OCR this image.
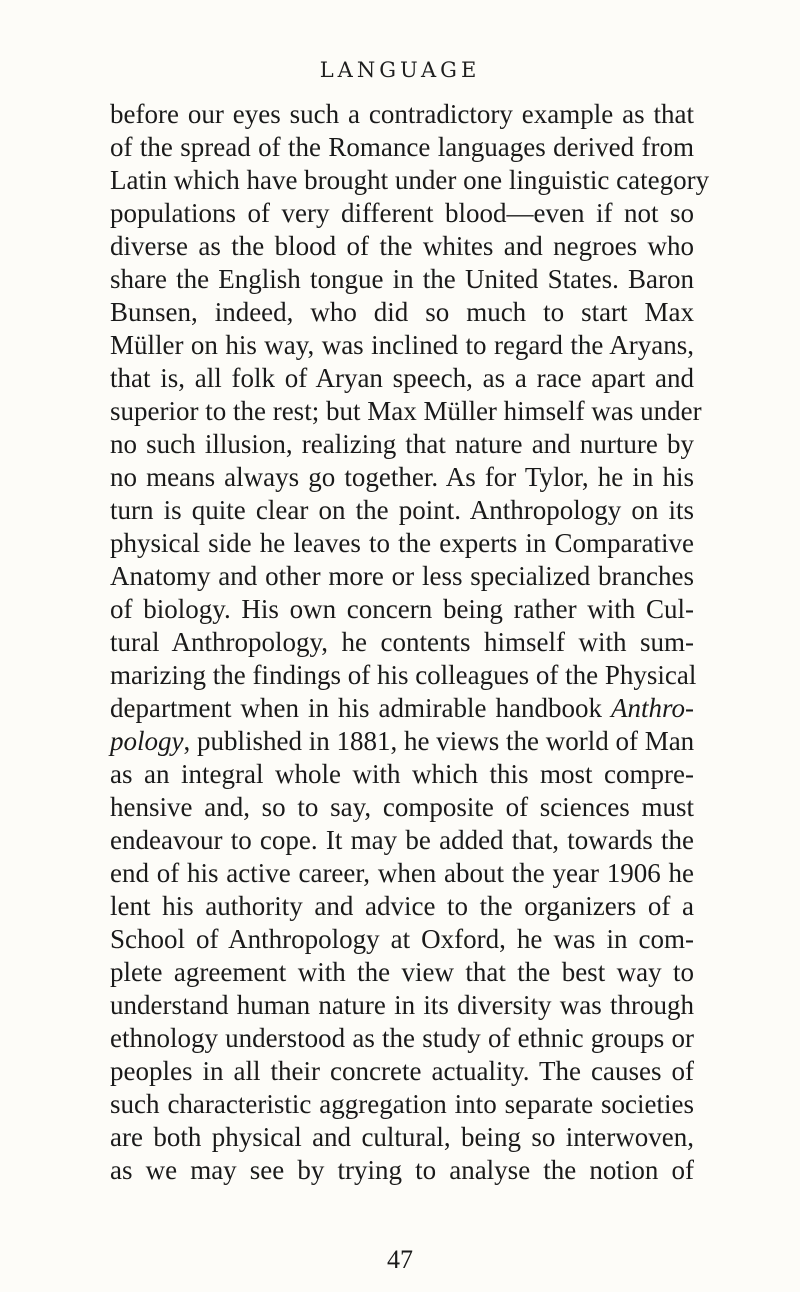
LANGUAGE
before our eyes such a contradictory example as that
of the spread of the Romance languages derived from
Latin which have brought under one linguistic category
populations of very different blood—even if not so
diverse as the blood of the whites and negroes who
share the English tongue in the United States. Baron
Bunsen, indeed, who did so much to start Max
Müller on his way, was inclined to regard the Aryans,
that is, all folk of Aryan speech, as a race apart and
superior to the rest; but Max Müller himself was under
no such illusion, realizing that nature and nurture by
no means always go together. As for Tylor, he in his
turn is quite clear on the point. Anthropology on its
physical side he leaves to the experts in Comparative
Anatomy and other more or less specialized branches
of biology. His own concern being rather with Cul-
tural Anthropology, he contents himself with sum-
marizing the findings of his colleagues of the Physical
department when in his admirable handbook Anthro-
pology, published in 1881, he views the world of Man
as an integral whole with which this most compre-
hensive and, so to say, composite of sciences must
endeavour to cope. It may be added that, towards the
end of his active career, when about the year 1906 he
lent his authority and advice to the organizers of a
School of Anthropology at Oxford, he was in com-
plete agreement with the view that the best way to
understand human nature in its diversity was through
ethnology understood as the study of ethnic groups or
peoples in all their concrete actuality. The causes of
such characteristic aggregation into separate societies
are both physical and cultural, being so interwoven,
as we may see by trying to analyse the notion of
47
